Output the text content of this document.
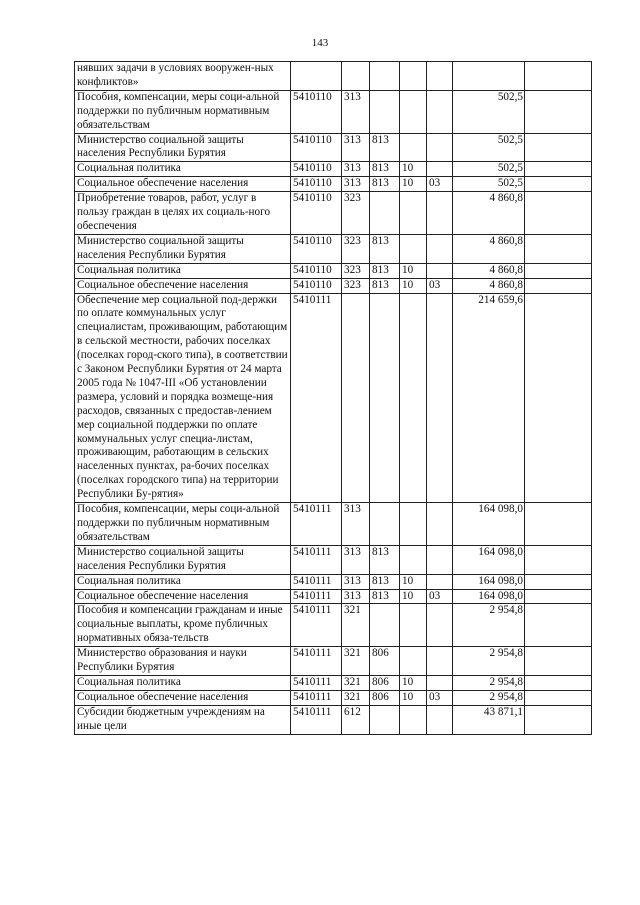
143
нявших задачи в условиях вооружен-ных конфликтов»							
Пособия, компенсации, меры соци-альной поддержки по публичным нормативным обязательствам	5410110	313				502,5	
Министерство социальной защиты населения Республики Бурятия	5410110	313	813			502,5	
Социальная политика	5410110	313	813	10		502,5	
Социальное обеспечение населения	5410110	313	813	10	03	502,5	
Приобретение товаров, работ, услуг в пользу граждан в целях их социаль-ного обеспечения	5410110	323				4 860,8	
Министерство социальной защиты населения Республики Бурятия	5410110	323	813			4 860,8	
Социальная политика	5410110	323	813	10		4 860,8	
Социальное обеспечение населения	5410110	323	813	10	03	4 860,8	
Обеспечение мер социальной под-держки по оплате коммунальных услуг специалистам, проживающим, работающим в сельской местности, рабочих поселках (поселках город-ского типа), в соответствии с Законом Республики Бурятия от 24 марта 2005 года № 1047-III «Об установлении размера, условий и порядка возмеще-ния расходов, связанных с предостав-лением мер социальной поддержки по оплате коммунальных услуг специа-листам, проживающим, работающим в сельских населенных пунктах, ра-бочих поселках (поселках городского типа) на территории Республики Бу-рятия»	5410111					214 659,6	
Пособия, компенсации, меры соци-альной поддержки по публичным нормативным обязательствам	5410111	313				164 098,0	
Министерство социальной защиты населения Республики Бурятия	5410111	313	813			164 098,0	
Социальная политика	5410111	313	813	10		164 098,0	
Социальное обеспечение населения	5410111	313	813	10	03	164 098,0	
Пособия и компенсации гражданам и иные социальные выплаты, кроме публичных нормативных обяза-тельств	5410111	321				2 954,8	
Министерство образования и науки Республики Бурятия	5410111	321	806			2 954,8	
Социальная политика	5410111	321	806	10		2 954,8	
Социальное обеспечение населения	5410111	321	806	10	03	2 954,8	
Субсидии бюджетным учреждениям на иные цели	5410111	612				43 871,1	
